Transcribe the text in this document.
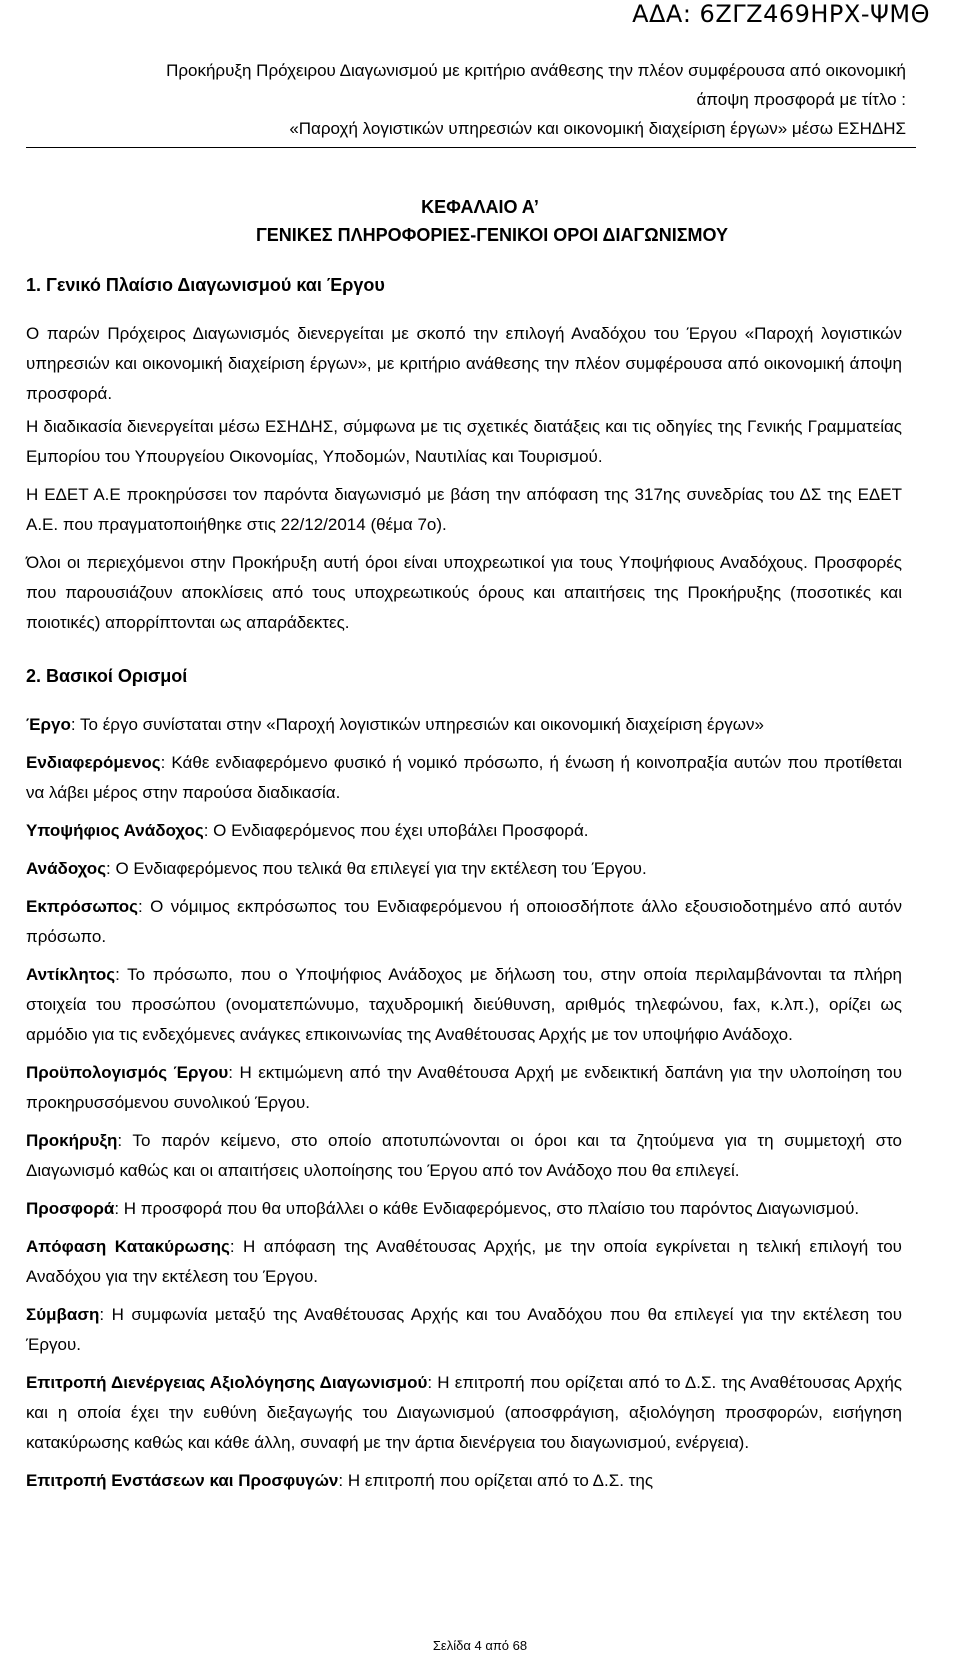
ΑΔΑ: 6ΖΓΖ469ΗΡΧ-ΨΜΘ
Προκήρυξη Πρόχειρου Διαγωνισμού με κριτήριο ανάθεσης την πλέον συμφέρουσα από οικονομική
άποψη προσφορά με τίτλο :
«Παροχή λογιστικών υπηρεσιών και οικονομική διαχείριση έργων» μέσω ΕΣΗΔΗΣ
ΚΕΦΑΛΑΙΟ Α’
ΓΕΝΙΚΕΣ ΠΛΗΡΟΦΟΡΙΕΣ-ΓΕΝΙΚΟΙ ΟΡΟΙ ΔΙΑΓΩΝΙΣΜΟΥ
1. Γενικό Πλαίσιο Διαγωνισμού και Έργου

Ο παρών Πρόχειρος Διαγωνισμός διενεργείται με σκοπό την επιλογή Αναδόχου του Έργου «Παροχή λογιστικών υπηρεσιών και οικονομική διαχείριση έργων», με κριτήριο ανάθεσης την πλέον συμφέρουσα από οικονομική άποψη προσφορά.

Η διαδικασία διενεργείται μέσω ΕΣΗΔΗΣ, σύμφωνα με τις σχετικές διατάξεις και τις οδηγίες της Γενικής Γραμματείας Εμπορίου του Υπουργείου Οικονομίας, Υποδομών, Ναυτιλίας και Τουρισμού.

Η ΕΔΕΤ Α.Ε προκηρύσσει τον παρόντα διαγωνισμό με βάση την απόφαση της 317ης συνεδρίας του ΔΣ της ΕΔΕΤ Α.Ε. που πραγματοποιήθηκε στις 22/12/2014 (θέμα 7ο).

Όλοι οι περιεχόμενοι στην Προκήρυξη αυτή όροι είναι υποχρεωτικοί για τους Υποψήφιους Αναδόχους. Προσφορές που παρουσιάζουν αποκλίσεις από τους υποχρεωτικούς όρους και απαιτήσεις της Προκήρυξης (ποσοτικές και ποιοτικές) απορρίπτονται ως απαράδεκτες.

2. Βασικοί Ορισμοί
Έργο: Το έργο συνίσταται στην «Παροχή λογιστικών υπηρεσιών και οικονομική διαχείριση έργων»
Ενδιαφερόμενος: Κάθε ενδιαφερόμενο φυσικό ή νομικό πρόσωπο, ή ένωση ή κοινοπραξία αυτών που προτίθεται να λάβει μέρος στην παρούσα διαδικασία.
Υποψήφιος Ανάδοχος: Ο Ενδιαφερόμενος που έχει υποβάλει Προσφορά.
Ανάδοχος: Ο Ενδιαφερόμενος που τελικά θα επιλεγεί για την εκτέλεση του Έργου.
Εκπρόσωπος: Ο νόμιμος εκπρόσωπος του Ενδιαφερόμενου ή οποιοσδήποτε άλλο εξουσιοδοτημένο από αυτόν πρόσωπο.
Αντίκλητος: Το πρόσωπο, που ο Υποψήφιος Ανάδοχος με δήλωση του, στην οποία περιλαμβάνονται τα πλήρη στοιχεία του προσώπου (ονοματεπώνυμο, ταχυδρομική διεύθυνση, αριθμός τηλεφώνου, fax, κ.λπ.), ορίζει ως αρμόδιο για τις ενδεχόμενες ανάγκες επικοινωνίας της Αναθέτουσας Αρχής με τον υποψήφιο Ανάδοχο.
Προϋπολογισμός Έργου: Η εκτιμώμενη από την Αναθέτουσα Αρχή με ενδεικτική δαπάνη για την υλοποίηση του προκηρυσσόμενου συνολικού Έργου.
Προκήρυξη: Το παρόν κείμενο, στο οποίο αποτυπώνονται οι όροι και τα ζητούμενα για τη συμμετοχή στο Διαγωνισμό καθώς και οι απαιτήσεις υλοποίησης του Έργου από τον Ανάδοχο που θα επιλεγεί.
Προσφορά: Η προσφορά που θα υποβάλλει ο κάθε Ενδιαφερόμενος, στο πλαίσιο του παρόντος Διαγωνισμού.
Απόφαση Κατακύρωσης: Η απόφαση της Αναθέτουσας Αρχής, με την οποία εγκρίνεται η τελική επιλογή του Αναδόχου για την εκτέλεση του Έργου.
Σύμβαση: Η συμφωνία μεταξύ της Αναθέτουσας Αρχής και του Αναδόχου που θα επιλεγεί για την εκτέλεση του Έργου.
Επιτροπή Διενέργειας Αξιολόγησης Διαγωνισμού: Η επιτροπή που ορίζεται από το Δ.Σ. της Αναθέτουσας Αρχής και η οποία έχει την ευθύνη διεξαγωγής του Διαγωνισμού (αποσφράγιση, αξιολόγηση προσφορών, εισήγηση κατακύρωσης καθώς και κάθε άλλη, συναφή με την άρτια διενέργεια του διαγωνισμού, ενέργεια).
Επιτροπή Ενστάσεων και Προσφυγών: Η επιτροπή που ορίζεται από το Δ.Σ. της
Σελίδα 4 από 68
